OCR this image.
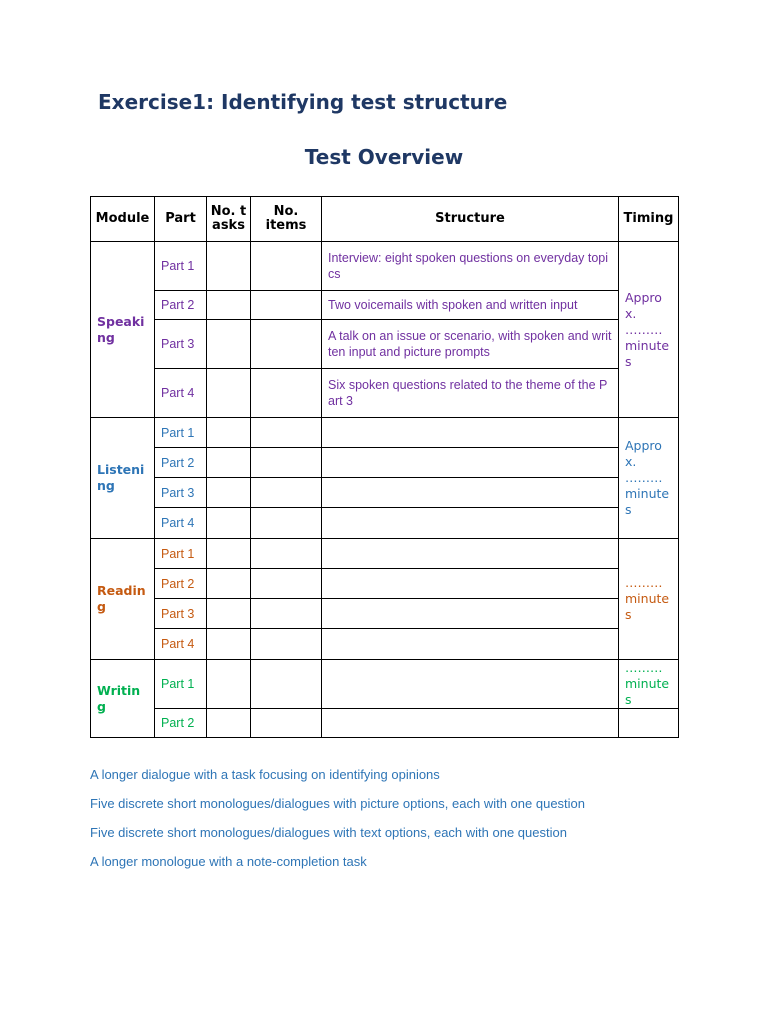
Exercise1: Identifying test structure
Test Overview
Module	Part	No. tasks	No. items	Structure	Timing
Speaking	Part 1			Interview: eight spoken questions on everyday topics	Approx. ………minutes
	Part 2			Two voicemails with spoken and written input	
	Part 3			A talk on an issue or scenario, with spoken and written input and picture prompts	
	Part 4			Six spoken questions related to the theme of the Part 3	
Listening	Part 1				Approx. ………minutes
	Part 2				
	Part 3				
	Part 4				
Reading	Part 1				………minutes
	Part 2				
	Part 3				
	Part 4				
Writing	Part 1				………minutes
	Part 2				
A longer dialogue with a task focusing on identifying opinions
Five discrete short monologues/dialogues with picture options, each with one question
Five discrete short monologues/dialogues with text options, each with one question
A longer monologue with a note-completion task
